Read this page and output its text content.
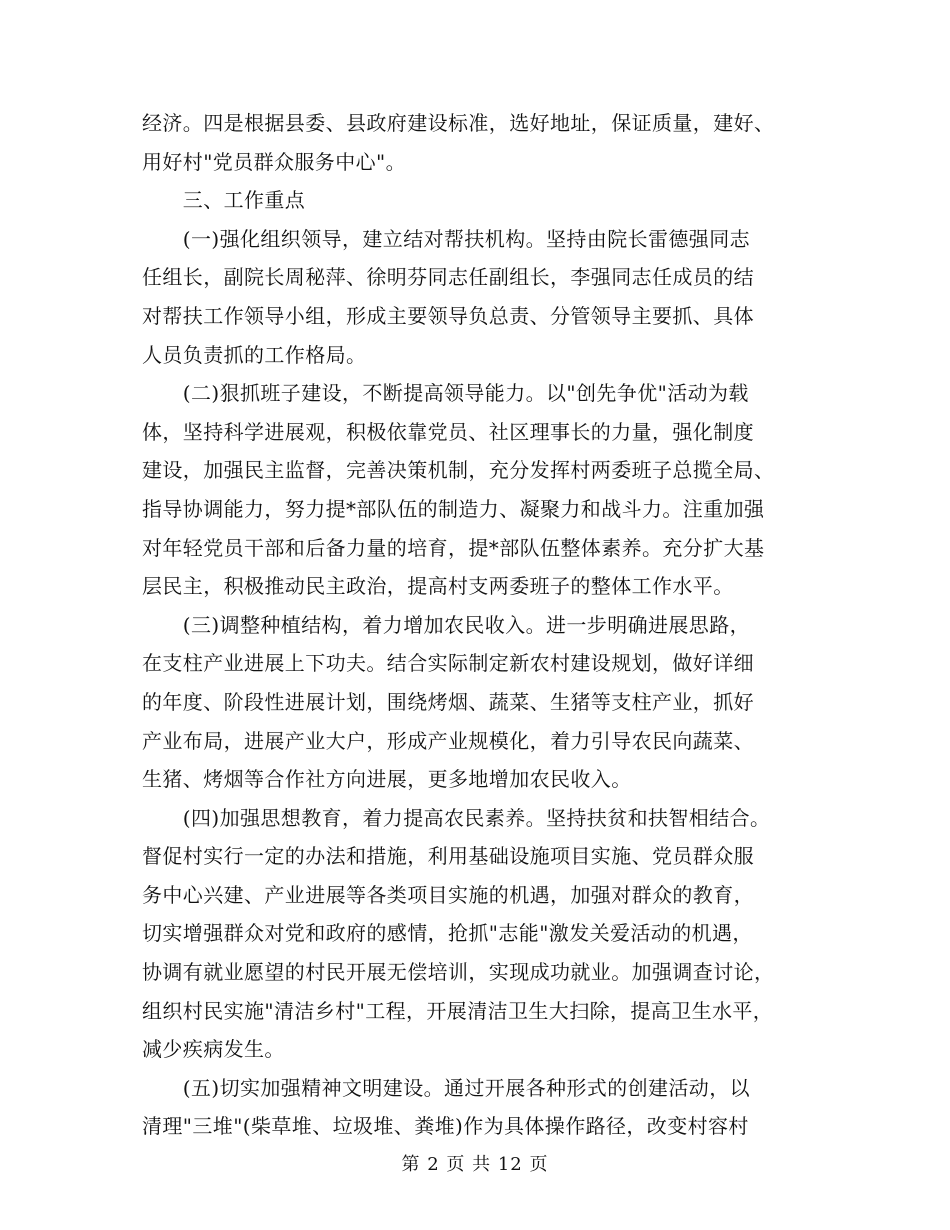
经济。四是根据县委、县政府建设标准，选好地址，保证质量，建好、
用好村"党员群众服务中心"。
　　三、工作重点
　　(一)强化组织领导，建立结对帮扶机构。坚持由院长雷德强同志
任组长，副院长周秘萍、徐明芬同志任副组长，李强同志任成员的结
对帮扶工作领导小组，形成主要领导负总责、分管领导主要抓、具体
人员负责抓的工作格局。
　　(二)狠抓班子建设，不断提高领导能力。以"创先争优"活动为载
体，坚持科学进展观，积极依靠党员、社区理事长的力量，强化制度
建设，加强民主监督，完善决策机制，充分发挥村两委班子总揽全局、
指导协调能力，努力提*部队伍的制造力、凝聚力和战斗力。注重加强
对年轻党员干部和后备力量的培育，提*部队伍整体素养。充分扩大基
层民主，积极推动民主政治，提高村支两委班子的整体工作水平。
　　(三)调整种植结构，着力增加农民收入。进一步明确进展思路，
在支柱产业进展上下功夫。结合实际制定新农村建设规划，做好详细
的年度、阶段性进展计划，围绕烤烟、蔬菜、生猪等支柱产业，抓好
产业布局，进展产业大户，形成产业规模化，着力引导农民向蔬菜、
生猪、烤烟等合作社方向进展，更多地增加农民收入。
　　(四)加强思想教育，着力提高农民素养。坚持扶贫和扶智相结合。
督促村实行一定的办法和措施，利用基础设施项目实施、党员群众服
务中心兴建、产业进展等各类项目实施的机遇，加强对群众的教育，
切实增强群众对党和政府的感情，抢抓"志能"激发关爱活动的机遇，
协调有就业愿望的村民开展无偿培训，实现成功就业。加强调查讨论，
组织村民实施"清洁乡村"工程，开展清洁卫生大扫除，提高卫生水平，
减少疾病发生。
　　(五)切实加强精神文明建设。通过开展各种形式的创建活动，以
清理"三堆"(柴草堆、垃圾堆、粪堆)作为具体操作路径，改变村容村
第 2 页 共 12 页
